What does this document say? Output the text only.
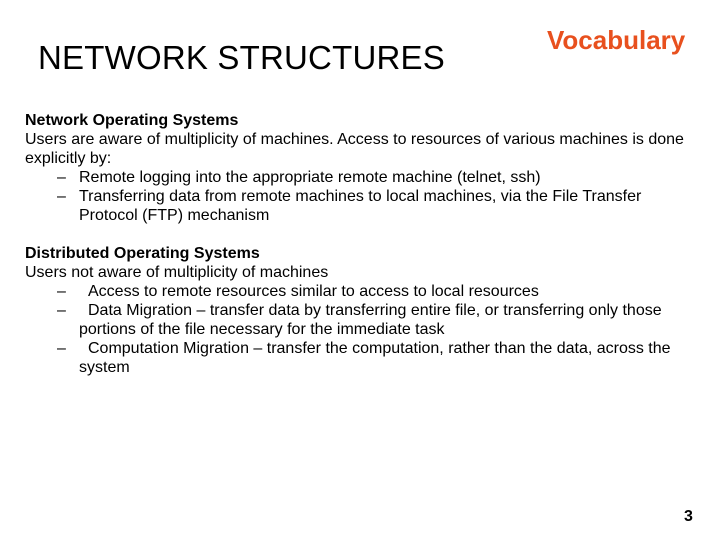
NETWORK STRUCTURES	Vocabulary
Network Operating Systems
Users are aware of multiplicity of machines. Access to resources of various machines is done explicitly by:
– Remote logging into the appropriate remote machine (telnet, ssh)
– Transferring data from remote machines to local machines, via the File Transfer Protocol (FTP) mechanism
Distributed Operating Systems
Users not aware of multiplicity of machines
–	Access to remote resources similar to access to local resources
–	Data Migration – transfer data by transferring entire file, or transferring only those portions of the file necessary for the immediate task
–	Computation Migration – transfer the computation, rather than the data, across the system
3
